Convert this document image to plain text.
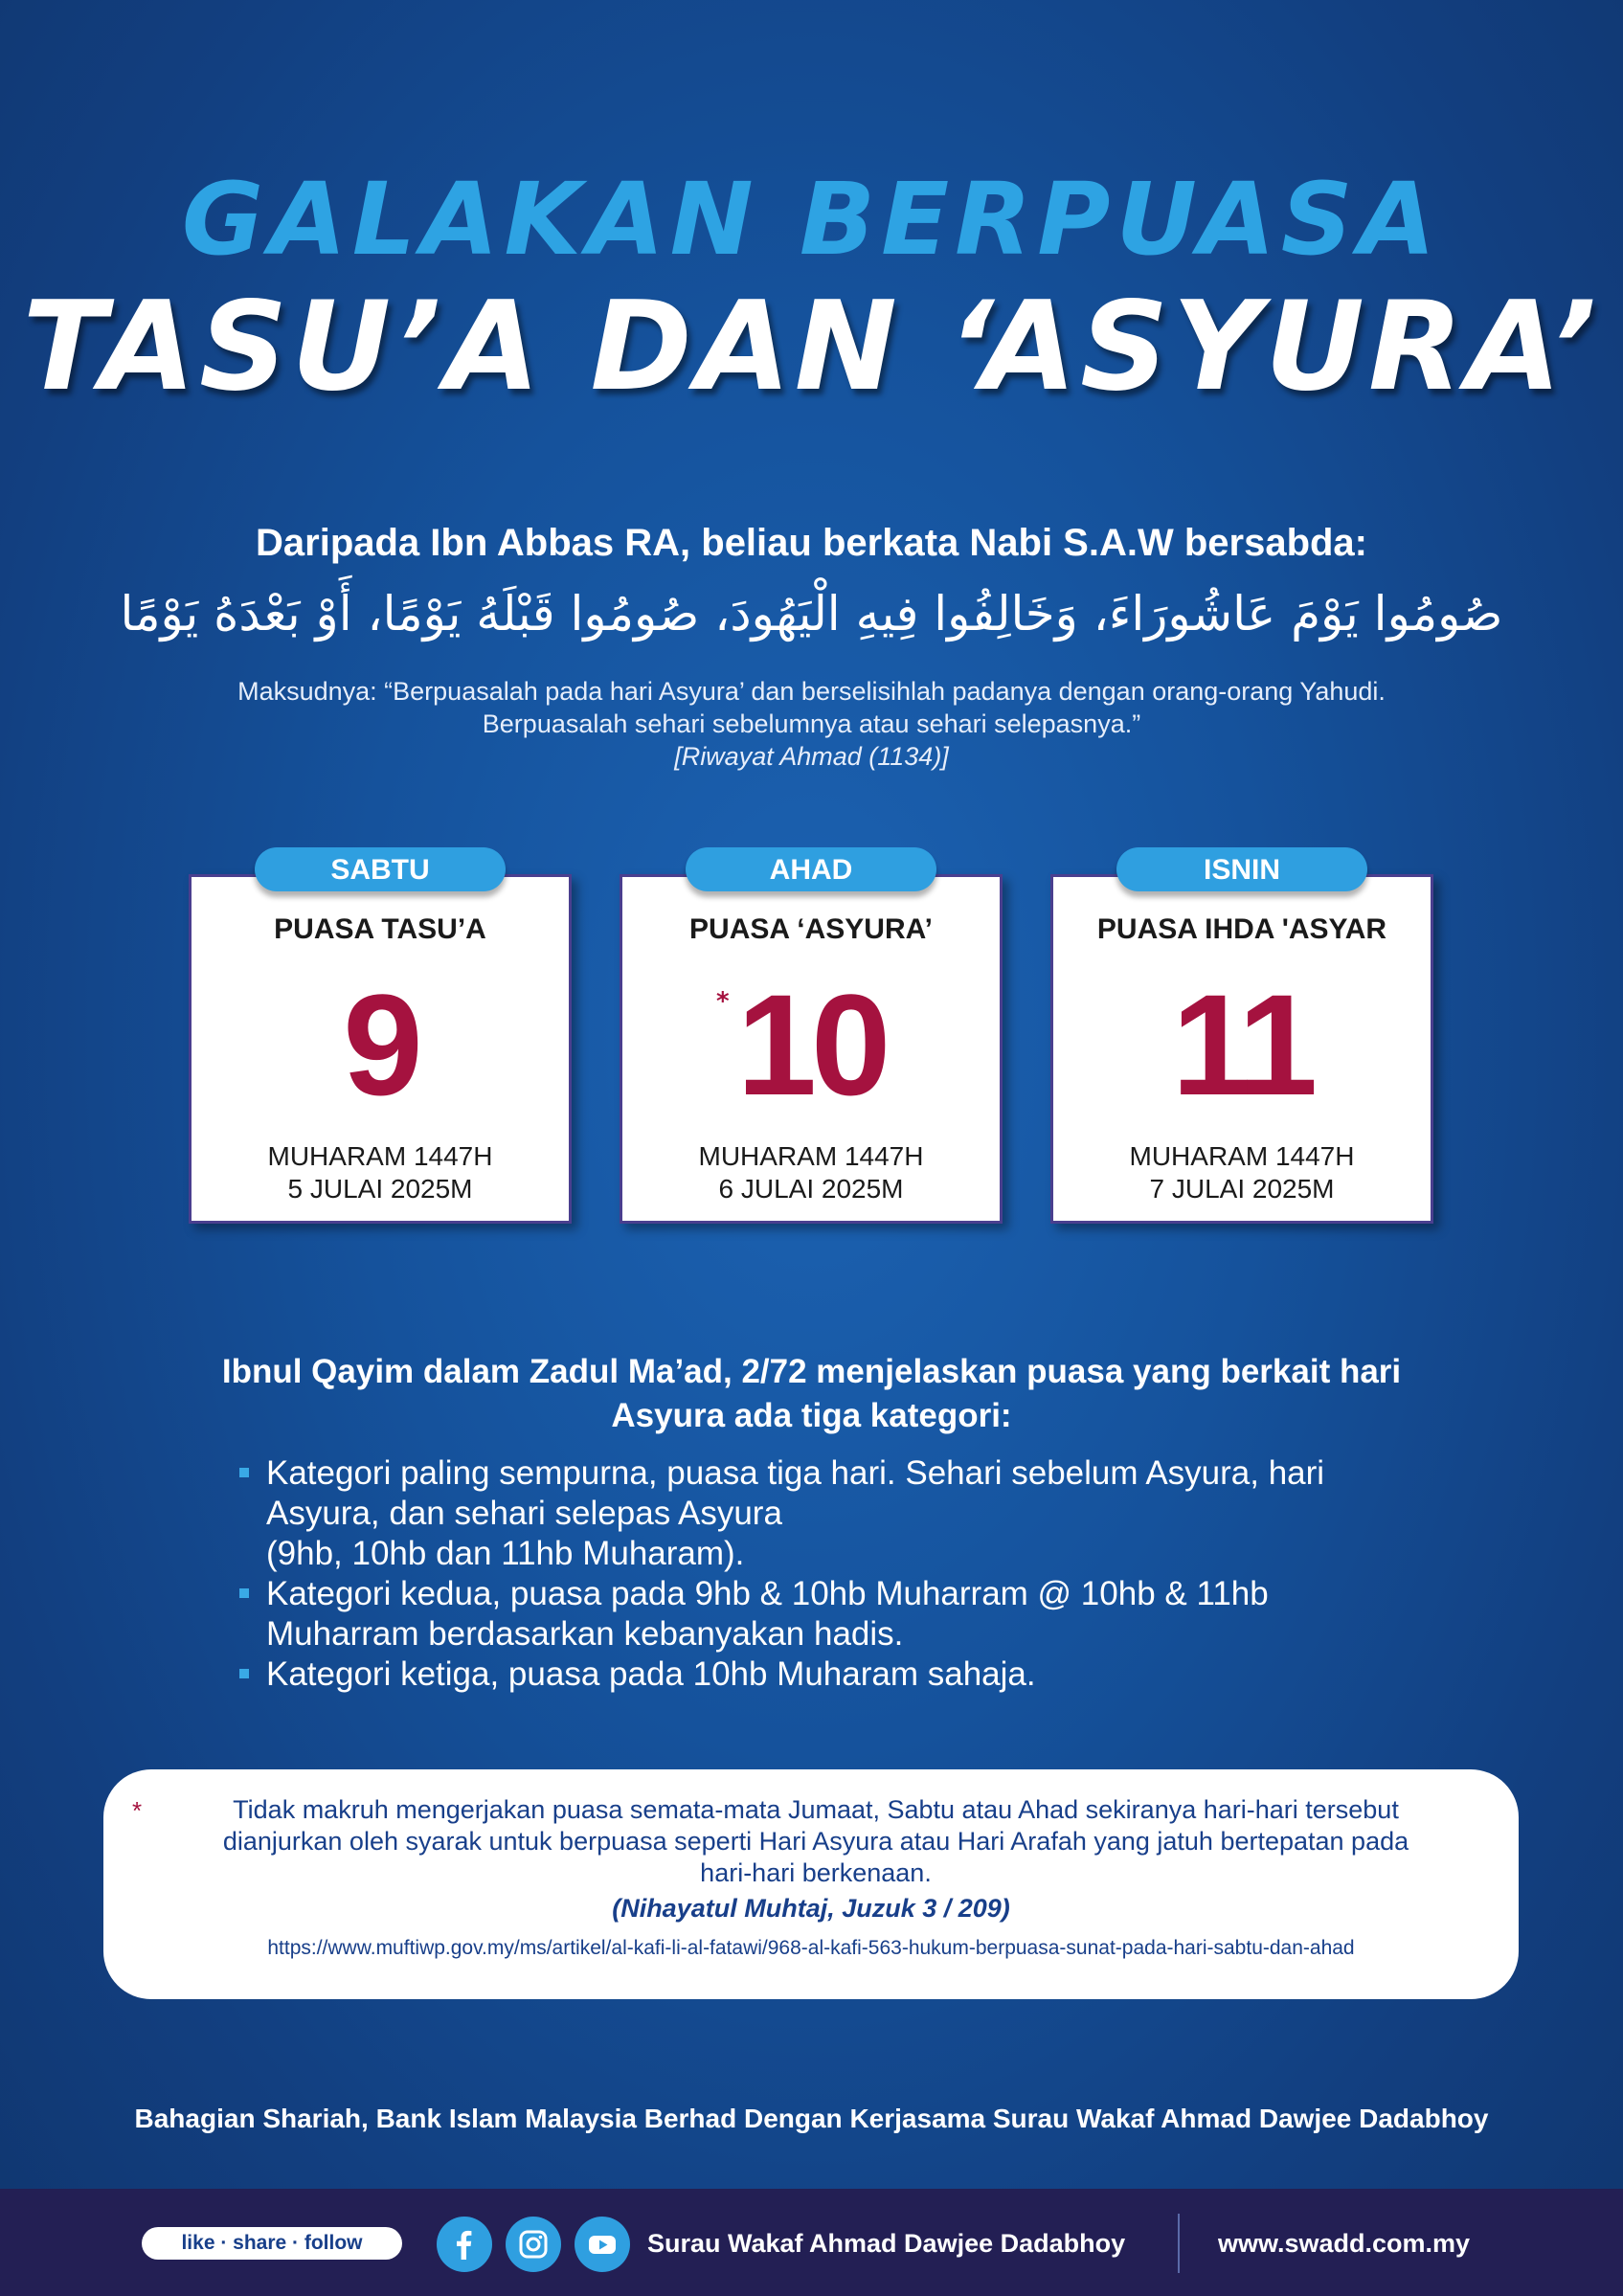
GALAKAN BERPUASA
TASU’A DAN ‘ASYURA’
Daripada Ibn Abbas RA, beliau berkata Nabi S.A.W bersabda:
صُومُوا يَوْمَ عَاشُورَاءَ، وَخَالِفُوا فِيهِ الْيَهُودَ، صُومُوا قَبْلَهُ يَوْمًا، أَوْ بَعْدَهُ يَوْمًا
Maksudnya: “Berpuasalah pada hari Asyura’ dan berselisihlah padanya dengan orang-orang Yahudi.
Berpuasalah sehari sebelumnya atau sehari selepasnya.”
[Riwayat Ahmad (1134)]
PUASA TASU’A
9
MUHARAM 1447H
5 JULAI 2025M
SABTU
PUASA ‘ASYURA’
* 10
MUHARAM 1447H
6 JULAI 2025M
AHAD
PUASA IHDA 'ASYAR
11
MUHARAM 1447H
7 JULAI 2025M
ISNIN
Ibnul Qayim dalam Zadul Ma’ad, 2/72 menjelaskan puasa yang berkait hari
Asyura ada tiga kategori:
Kategori paling sempurna, puasa tiga hari. Sehari sebelum Asyura, hari
Asyura, dan sehari selepas Asyura
(9hb, 10hb dan 11hb Muharam).
Kategori kedua, puasa pada 9hb & 10hb Muharram @ 10hb & 11hb
Muharram berdasarkan kebanyakan hadis.
Kategori ketiga, puasa pada 10hb Muharam sahaja.
*	Tidak makruh mengerjakan puasa semata-mata Jumaat, Sabtu atau Ahad sekiranya hari-hari tersebut
dianjurkan oleh syarak untuk berpuasa seperti Hari Asyura atau Hari Arafah yang jatuh bertepatan pada
hari-hari berkenaan.
(Nihayatul Muhtaj, Juzuk 3 / 209)
https://www.muftiwp.gov.my/ms/artikel/al-kafi-li-al-fatawi/968-al-kafi-563-hukum-berpuasa-sunat-pada-hari-sabtu-dan-ahad
Bahagian Shariah, Bank Islam Malaysia Berhad Dengan Kerjasama Surau Wakaf Ahmad Dawjee Dadabhoy
like · share · follow	Surau Wakaf Ahmad Dawjee Dadabhoy	www.swadd.com.my
